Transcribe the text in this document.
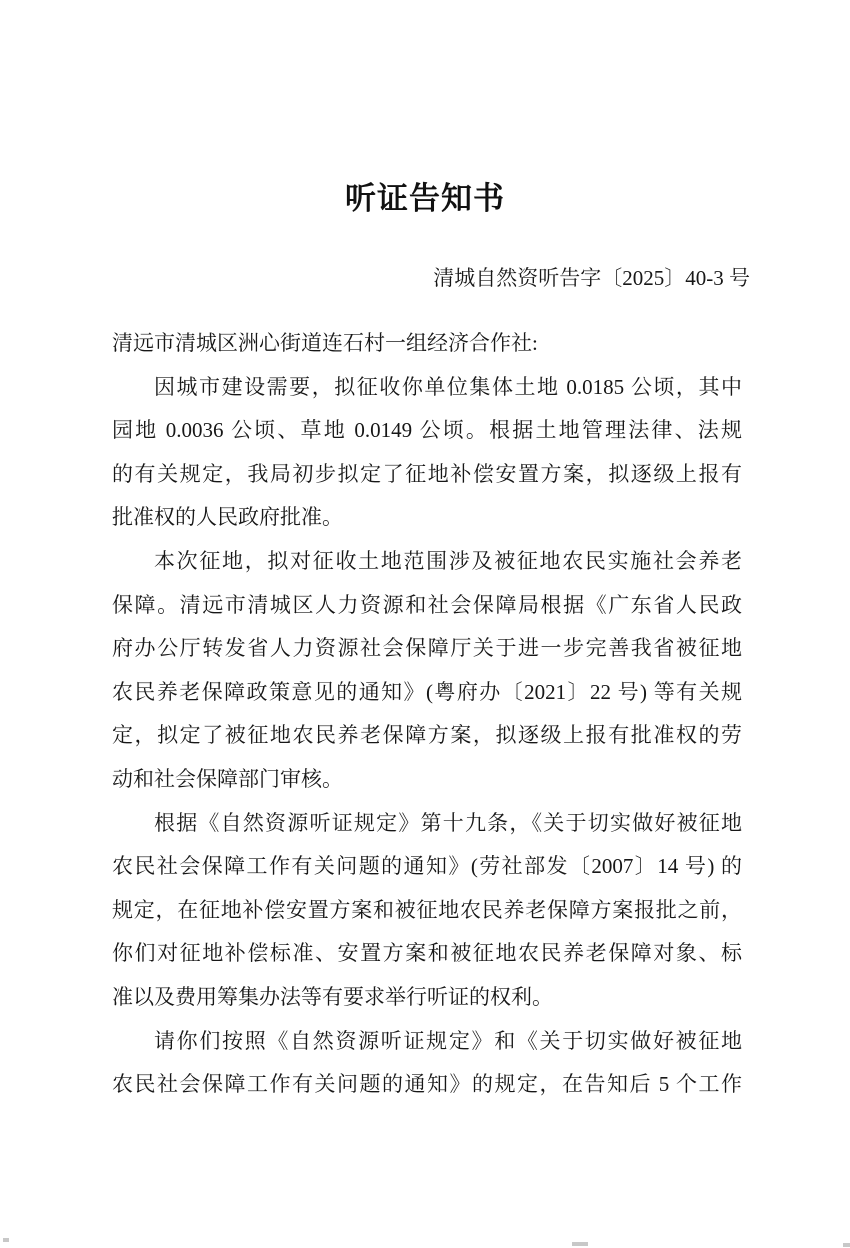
听证告知书
清城自然资听告字〔2025〕40-3 号
清远市清城区洲心街道连石村一组经济合作社:
因城市建设需要，拟征收你单位集体土地 0.0185 公顷，其中
园地 0.0036 公顷、草地 0.0149 公顷。根据土地管理法律、法规
的有关规定，我局初步拟定了征地补偿安置方案，拟逐级上报有
批准权的人民政府批准。
本次征地，拟对征收土地范围涉及被征地农民实施社会养老
保障。清远市清城区人力资源和社会保障局根据《广东省人民政
府办公厅转发省人力资源社会保障厅关于进一步完善我省被征地
农民养老保障政策意见的通知》(粤府办〔2021〕22 号) 等有关规
定，拟定了被征地农民养老保障方案，拟逐级上报有批准权的劳
动和社会保障部门审核。
根据《自然资源听证规定》第十九条，《关于切实做好被征地
农民社会保障工作有关问题的通知》(劳社部发〔2007〕14 号) 的
规定，在征地补偿安置方案和被征地农民养老保障方案报批之前，
你们对征地补偿标准、安置方案和被征地农民养老保障对象、标
准以及费用筹集办法等有要求举行听证的权利。
请你们按照《自然资源听证规定》和《关于切实做好被征地
农民社会保障工作有关问题的通知》的规定，在告知后 5 个工作
